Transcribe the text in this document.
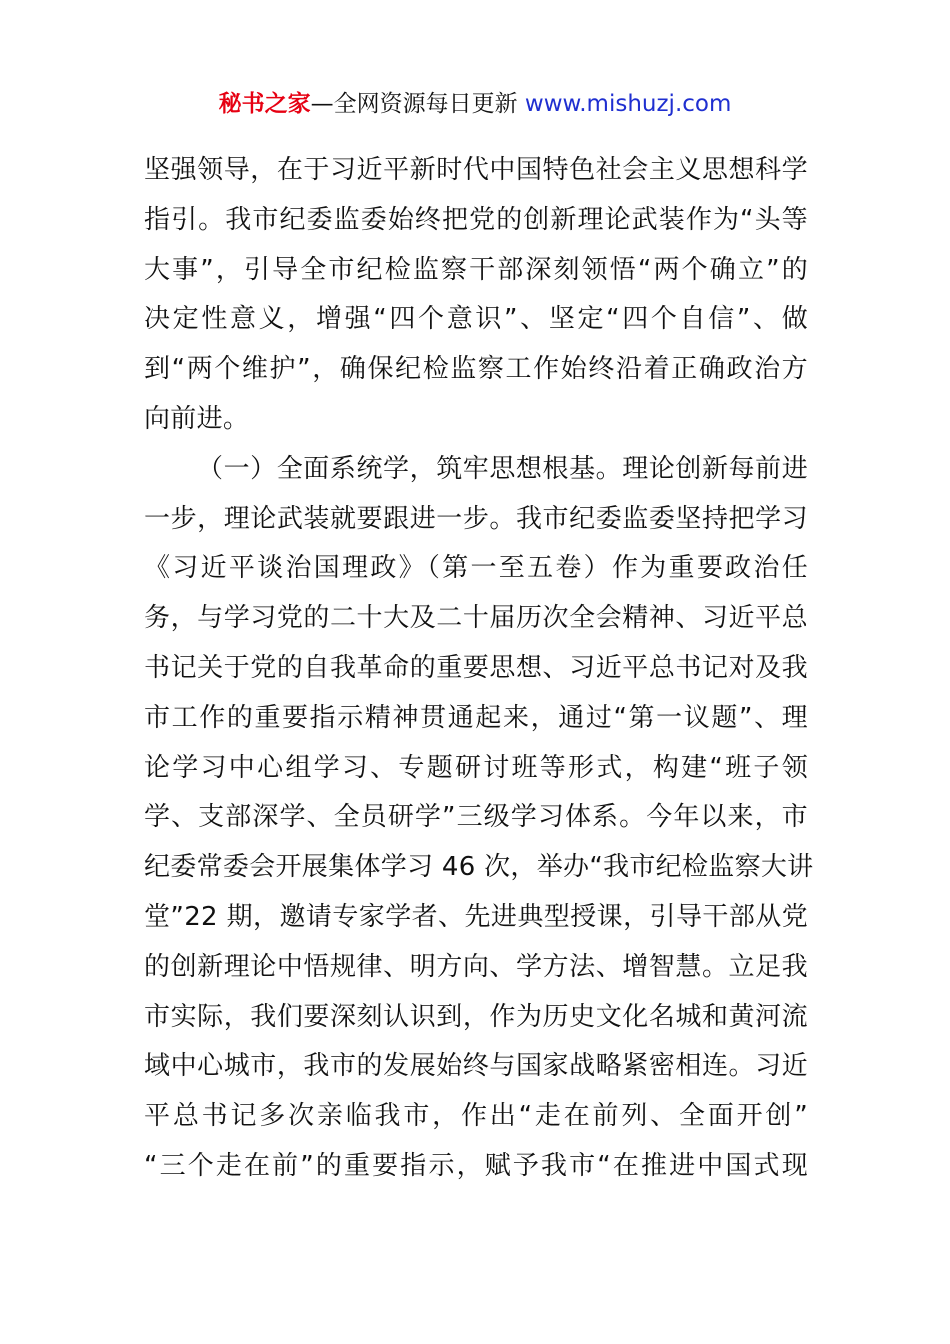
秘书之家—全网资源每日更新 www.mishuzj.com
坚强领导，在于习近平新时代中国特色社会主义思想科学
指引。我市纪委监委始终把党的创新理论武装作为“头等
大事”，引导全市纪检监察干部深刻领悟“两个确立”的
决定性意义，增强“四个意识”、坚定“四个自信”、做
到“两个维护”，确保纪检监察工作始终沿着正确政治方
向前进。
（一）全面系统学，筑牢思想根基。理论创新每前进
一步，理论武装就要跟进一步。我市纪委监委坚持把学习
《习近平谈治国理政》（第一至五卷）作为重要政治任
务，与学习党的二十大及二十届历次全会精神、习近平总
书记关于党的自我革命的重要思想、习近平总书记对及我
市工作的重要指示精神贯通起来，通过“第一议题”、理
论学习中心组学习、专题研讨班等形式，构建“班子领
学、支部深学、全员研学”三级学习体系。今年以来，市
纪委常委会开展集体学习 46 次，举办“我市纪检监察大讲
堂”22 期，邀请专家学者、先进典型授课，引导干部从党
的创新理论中悟规律、明方向、学方法、增智慧。立足我
市实际，我们要深刻认识到，作为历史文化名城和黄河流
域中心城市，我市的发展始终与国家战略紧密相连。习近
平总书记多次亲临我市，作出“走在前列、全面开创”
“三个走在前”的重要指示，赋予我市“在推进中国式现
